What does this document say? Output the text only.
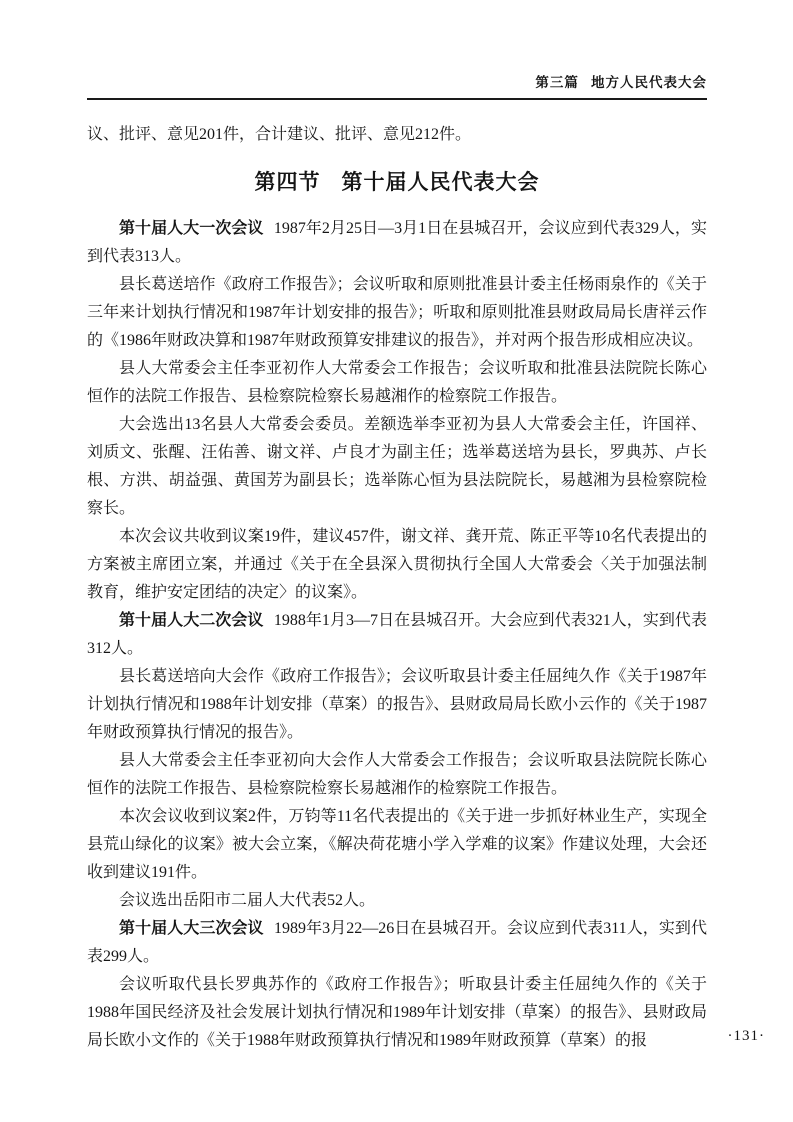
第三篇 地方人民代表大会

议、批评、意见201件，合计建议、批评、意见212件。

第四节 第十届人民代表大会

第十届人大一次会议 1987年2月25日—3月1日在县城召开，会议应到代表329人，实到代表313人。

县长葛送培作《政府工作报告》；会议听取和原则批准县计委主任杨雨泉作的《关于三年来计划执行情况和1987年计划安排的报告》；听取和原则批准县财政局局长唐祥云作的《1986年财政决算和1987年财政预算安排建议的报告》，并对两个报告形成相应决议。

县人大常委会主任李亚初作人大常委会工作报告；会议听取和批准县法院院长陈心恒作的法院工作报告、县检察院检察长易越湘作的检察院工作报告。

大会选出13名县人大常委会委员。差额选举李亚初为县人大常委会主任，许国祥、刘质文、张醒、汪佑善、谢文祥、卢良才为副主任；选举葛送培为县长，罗典苏、卢长根、方洪、胡益强、黄国芳为副县长；选举陈心恒为县法院院长，易越湘为县检察院检察长。

本次会议共收到议案19件，建议457件，谢文祥、龚开荒、陈正平等10名代表提出的方案被主席团立案，并通过《关于在全县深入贯彻执行全国人大常委会〈关于加强法制教育，维护安定团结的决定〉的议案》。

第十届人大二次会议 1988年1月3—7日在县城召开。大会应到代表321人，实到代表312人。

县长葛送培向大会作《政府工作报告》；会议听取县计委主任屈纯久作《关于1987年计划执行情况和1988年计划安排（草案）的报告》、县财政局局长欧小云作的《关于1987年财政预算执行情况的报告》。

县人大常委会主任李亚初向大会作人大常委会工作报告；会议听取县法院院长陈心恒作的法院工作报告、县检察院检察长易越湘作的检察院工作报告。

本次会议收到议案2件，万钧等11名代表提出的《关于进一步抓好林业生产，实现全县荒山绿化的议案》被大会立案，《解决荷花塘小学入学难的议案》作建议处理，大会还收到建议191件。

会议选出岳阳市二届人大代表52人。

第十届人大三次会议 1989年3月22—26日在县城召开。会议应到代表311人，实到代表299人。

会议听取代县长罗典苏作的《政府工作报告》；听取县计委主任屈纯久作的《关于1988年国民经济及社会发展计划执行情况和1989年计划安排（草案）的报告》、县财政局局长欧小文作的《关于1988年财政预算执行情况和1989年财政预算（草案）的报	·131·
